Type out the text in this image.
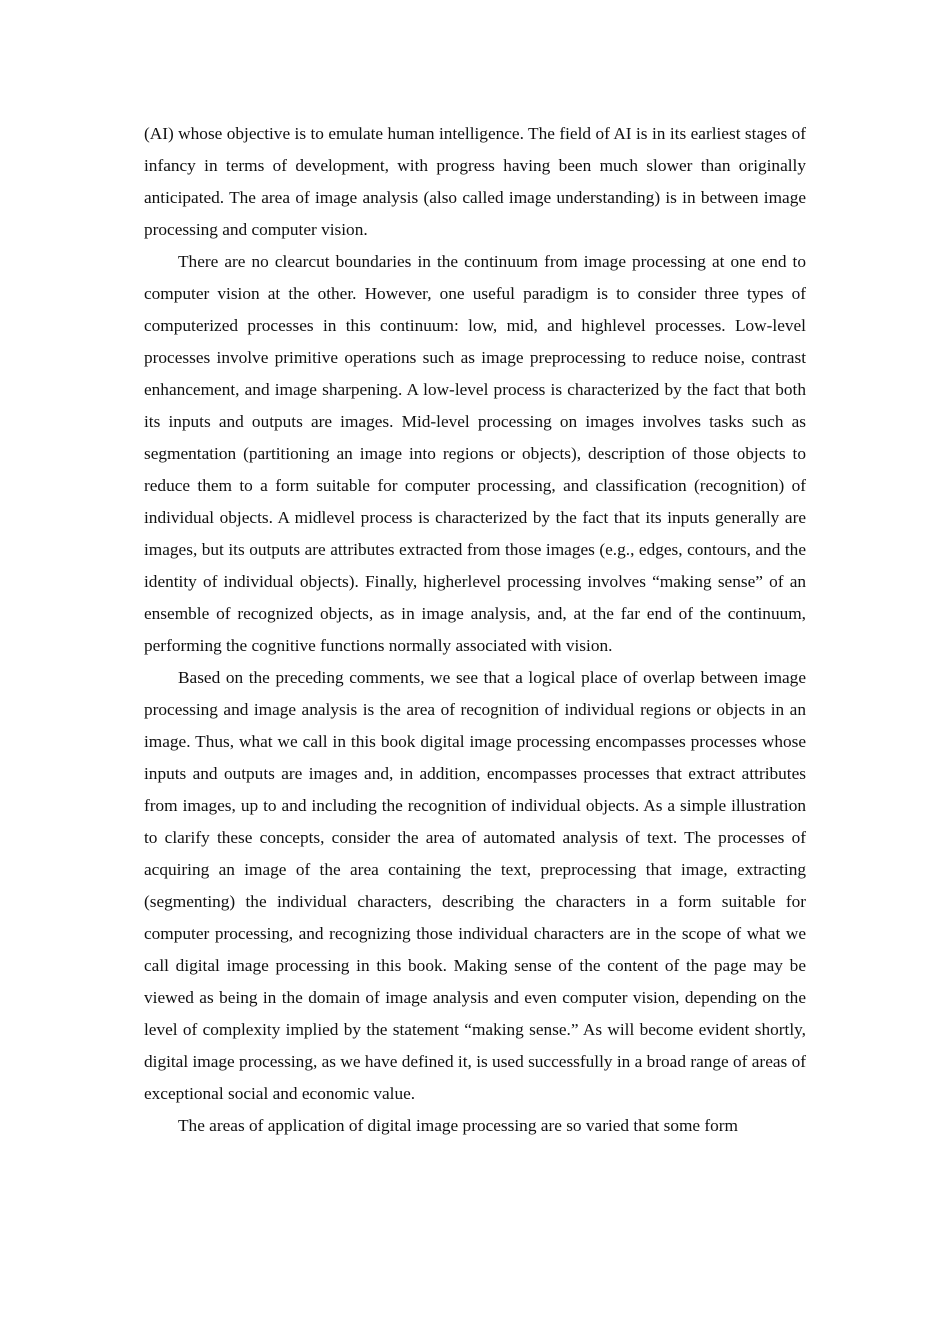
(AI) whose objective is to emulate human intelligence. The field of AI is in its earliest stages of infancy in terms of development, with progress having been much slower than originally anticipated. The area of image analysis (also called image understanding) is in between image processing and computer vision.

There are no clearcut boundaries in the continuum from image processing at one end to computer vision at the other. However, one useful paradigm is to consider three types of computerized processes in this continuum: low, mid, and highlevel processes. Low-level processes involve primitive operations such as image preprocessing to reduce noise, contrast enhancement, and image sharpening. A low-level process is characterized by the fact that both its inputs and outputs are images. Mid-level processing on images involves tasks such as segmentation (partitioning an image into regions or objects), description of those objects to reduce them to a form suitable for computer processing, and classification (recognition) of individual objects. A midlevel process is characterized by the fact that its inputs generally are images, but its outputs are attributes extracted from those images (e.g., edges, contours, and the identity of individual objects). Finally, higherlevel processing involves “making sense” of an ensemble of recognized objects, as in image analysis, and, at the far end of the continuum, performing the cognitive functions normally associated with vision.

Based on the preceding comments, we see that a logical place of overlap between image processing and image analysis is the area of recognition of individual regions or objects in an image. Thus, what we call in this book digital image processing encompasses processes whose inputs and outputs are images and, in addition, encompasses processes that extract attributes from images, up to and including the recognition of individual objects. As a simple illustration to clarify these concepts, consider the area of automated analysis of text. The processes of acquiring an image of the area containing the text, preprocessing that image, extracting (segmenting) the individual characters, describing the characters in a form suitable for computer processing, and recognizing those individual characters are in the scope of what we call digital image processing in this book. Making sense of the content of the page may be viewed as being in the domain of image analysis and even computer vision, depending on the level of complexity implied by the statement “making sense.” As will become evident shortly, digital image processing, as we have defined it, is used successfully in a broad range of areas of exceptional social and economic value.

The areas of application of digital image processing are so varied that some form
